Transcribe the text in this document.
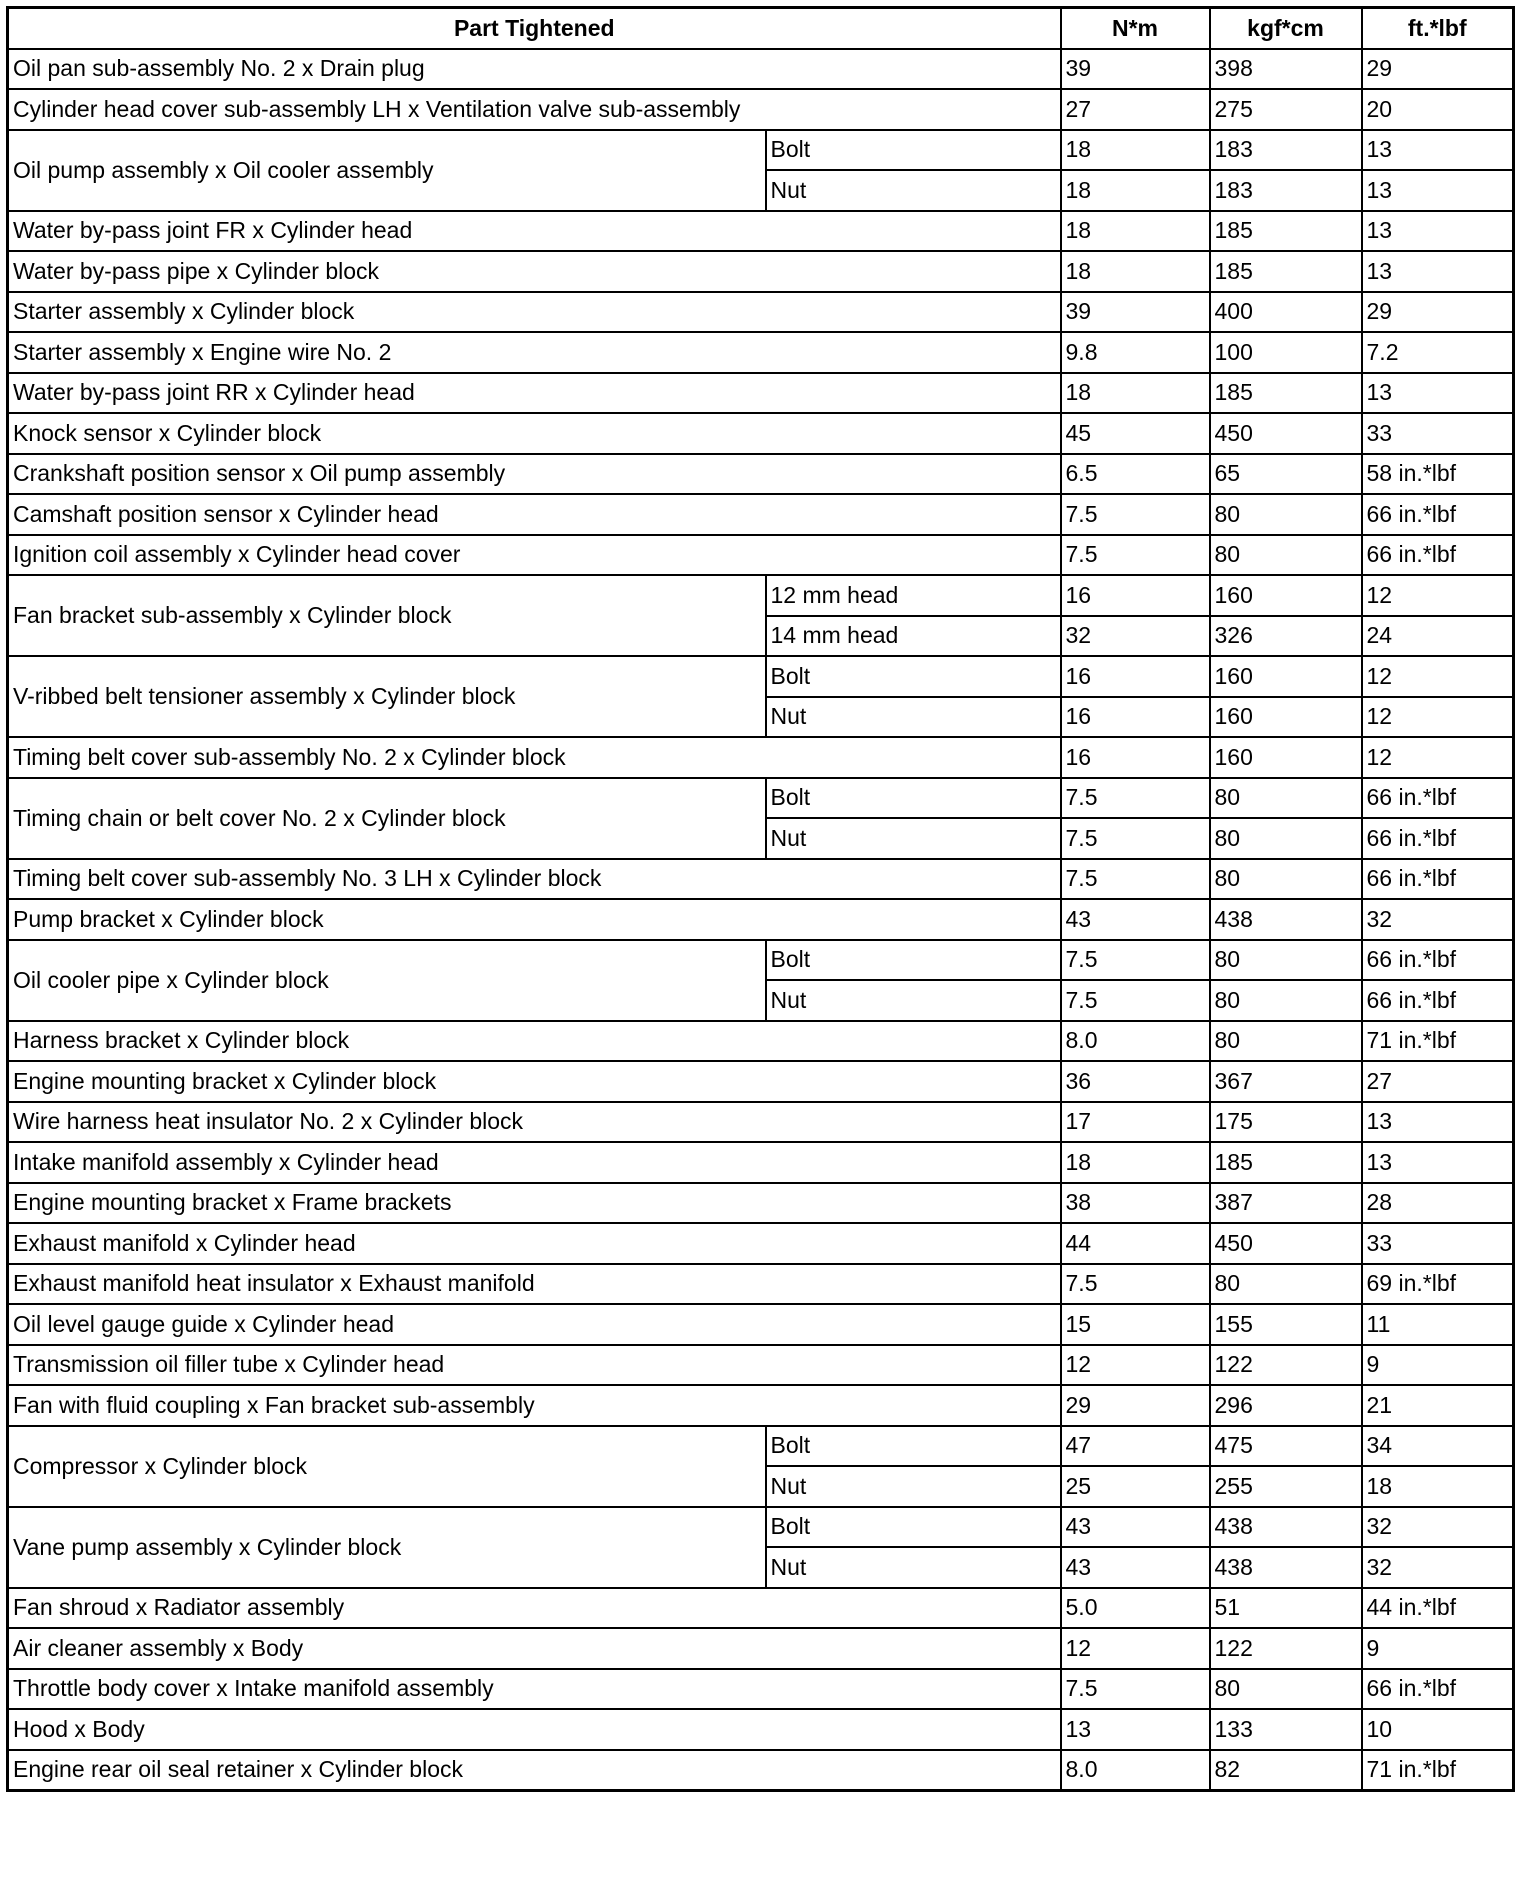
Part Tightened		N*m	kgf*cm	ft.*lbf
Oil pan sub-assembly No. 2 x Drain plug		39	398	29
Cylinder head cover sub-assembly LH x Ventilation valve sub-assembly		27	275	20
Oil pump assembly x Oil cooler assembly	Bolt	18	183	13
	Nut	18	183	13
Water by-pass joint FR x Cylinder head		18	185	13
Water by-pass pipe x Cylinder block		18	185	13
Starter assembly x Cylinder block		39	400	29
Starter assembly x Engine wire No. 2		9.8	100	7.2
Water by-pass joint RR x Cylinder head		18	185	13
Knock sensor x Cylinder block		45	450	33
Crankshaft position sensor x Oil pump assembly		6.5	65	58 in.*lbf
Camshaft position sensor x Cylinder head		7.5	80	66 in.*lbf
Ignition coil assembly x Cylinder head cover		7.5	80	66 in.*lbf
Fan bracket sub-assembly x Cylinder block	12 mm head	16	160	12
	14 mm head	32	326	24
V-ribbed belt tensioner assembly x Cylinder block	Bolt	16	160	12
	Nut	16	160	12
Timing belt cover sub-assembly No. 2 x Cylinder block		16	160	12
Timing chain or belt cover No. 2 x Cylinder block	Bolt	7.5	80	66 in.*lbf
	Nut	7.5	80	66 in.*lbf
Timing belt cover sub-assembly No. 3 LH x Cylinder block		7.5	80	66 in.*lbf
Pump bracket x Cylinder block		43	438	32
Oil cooler pipe x Cylinder block	Bolt	7.5	80	66 in.*lbf
	Nut	7.5	80	66 in.*lbf
Harness bracket x Cylinder block		8.0	80	71 in.*lbf
Engine mounting bracket x Cylinder block		36	367	27
Wire harness heat insulator No. 2 x Cylinder block		17	175	13
Intake manifold assembly x Cylinder head		18	185	13
Engine mounting bracket x Frame brackets		38	387	28
Exhaust manifold x Cylinder head		44	450	33
Exhaust manifold heat insulator x Exhaust manifold		7.5	80	69 in.*lbf
Oil level gauge guide x Cylinder head		15	155	11
Transmission oil filler tube x Cylinder head		12	122	9
Fan with fluid coupling x Fan bracket sub-assembly		29	296	21
Compressor x Cylinder block	Bolt	47	475	34
	Nut	25	255	18
Vane pump assembly x Cylinder block	Bolt	43	438	32
	Nut	43	438	32
Fan shroud x Radiator assembly		5.0	51	44 in.*lbf
Air cleaner assembly x Body		12	122	9
Throttle body cover x Intake manifold assembly		7.5	80	66 in.*lbf
Hood x Body		13	133	10
Engine rear oil seal retainer x Cylinder block		8.0	82	71 in.*lbf
